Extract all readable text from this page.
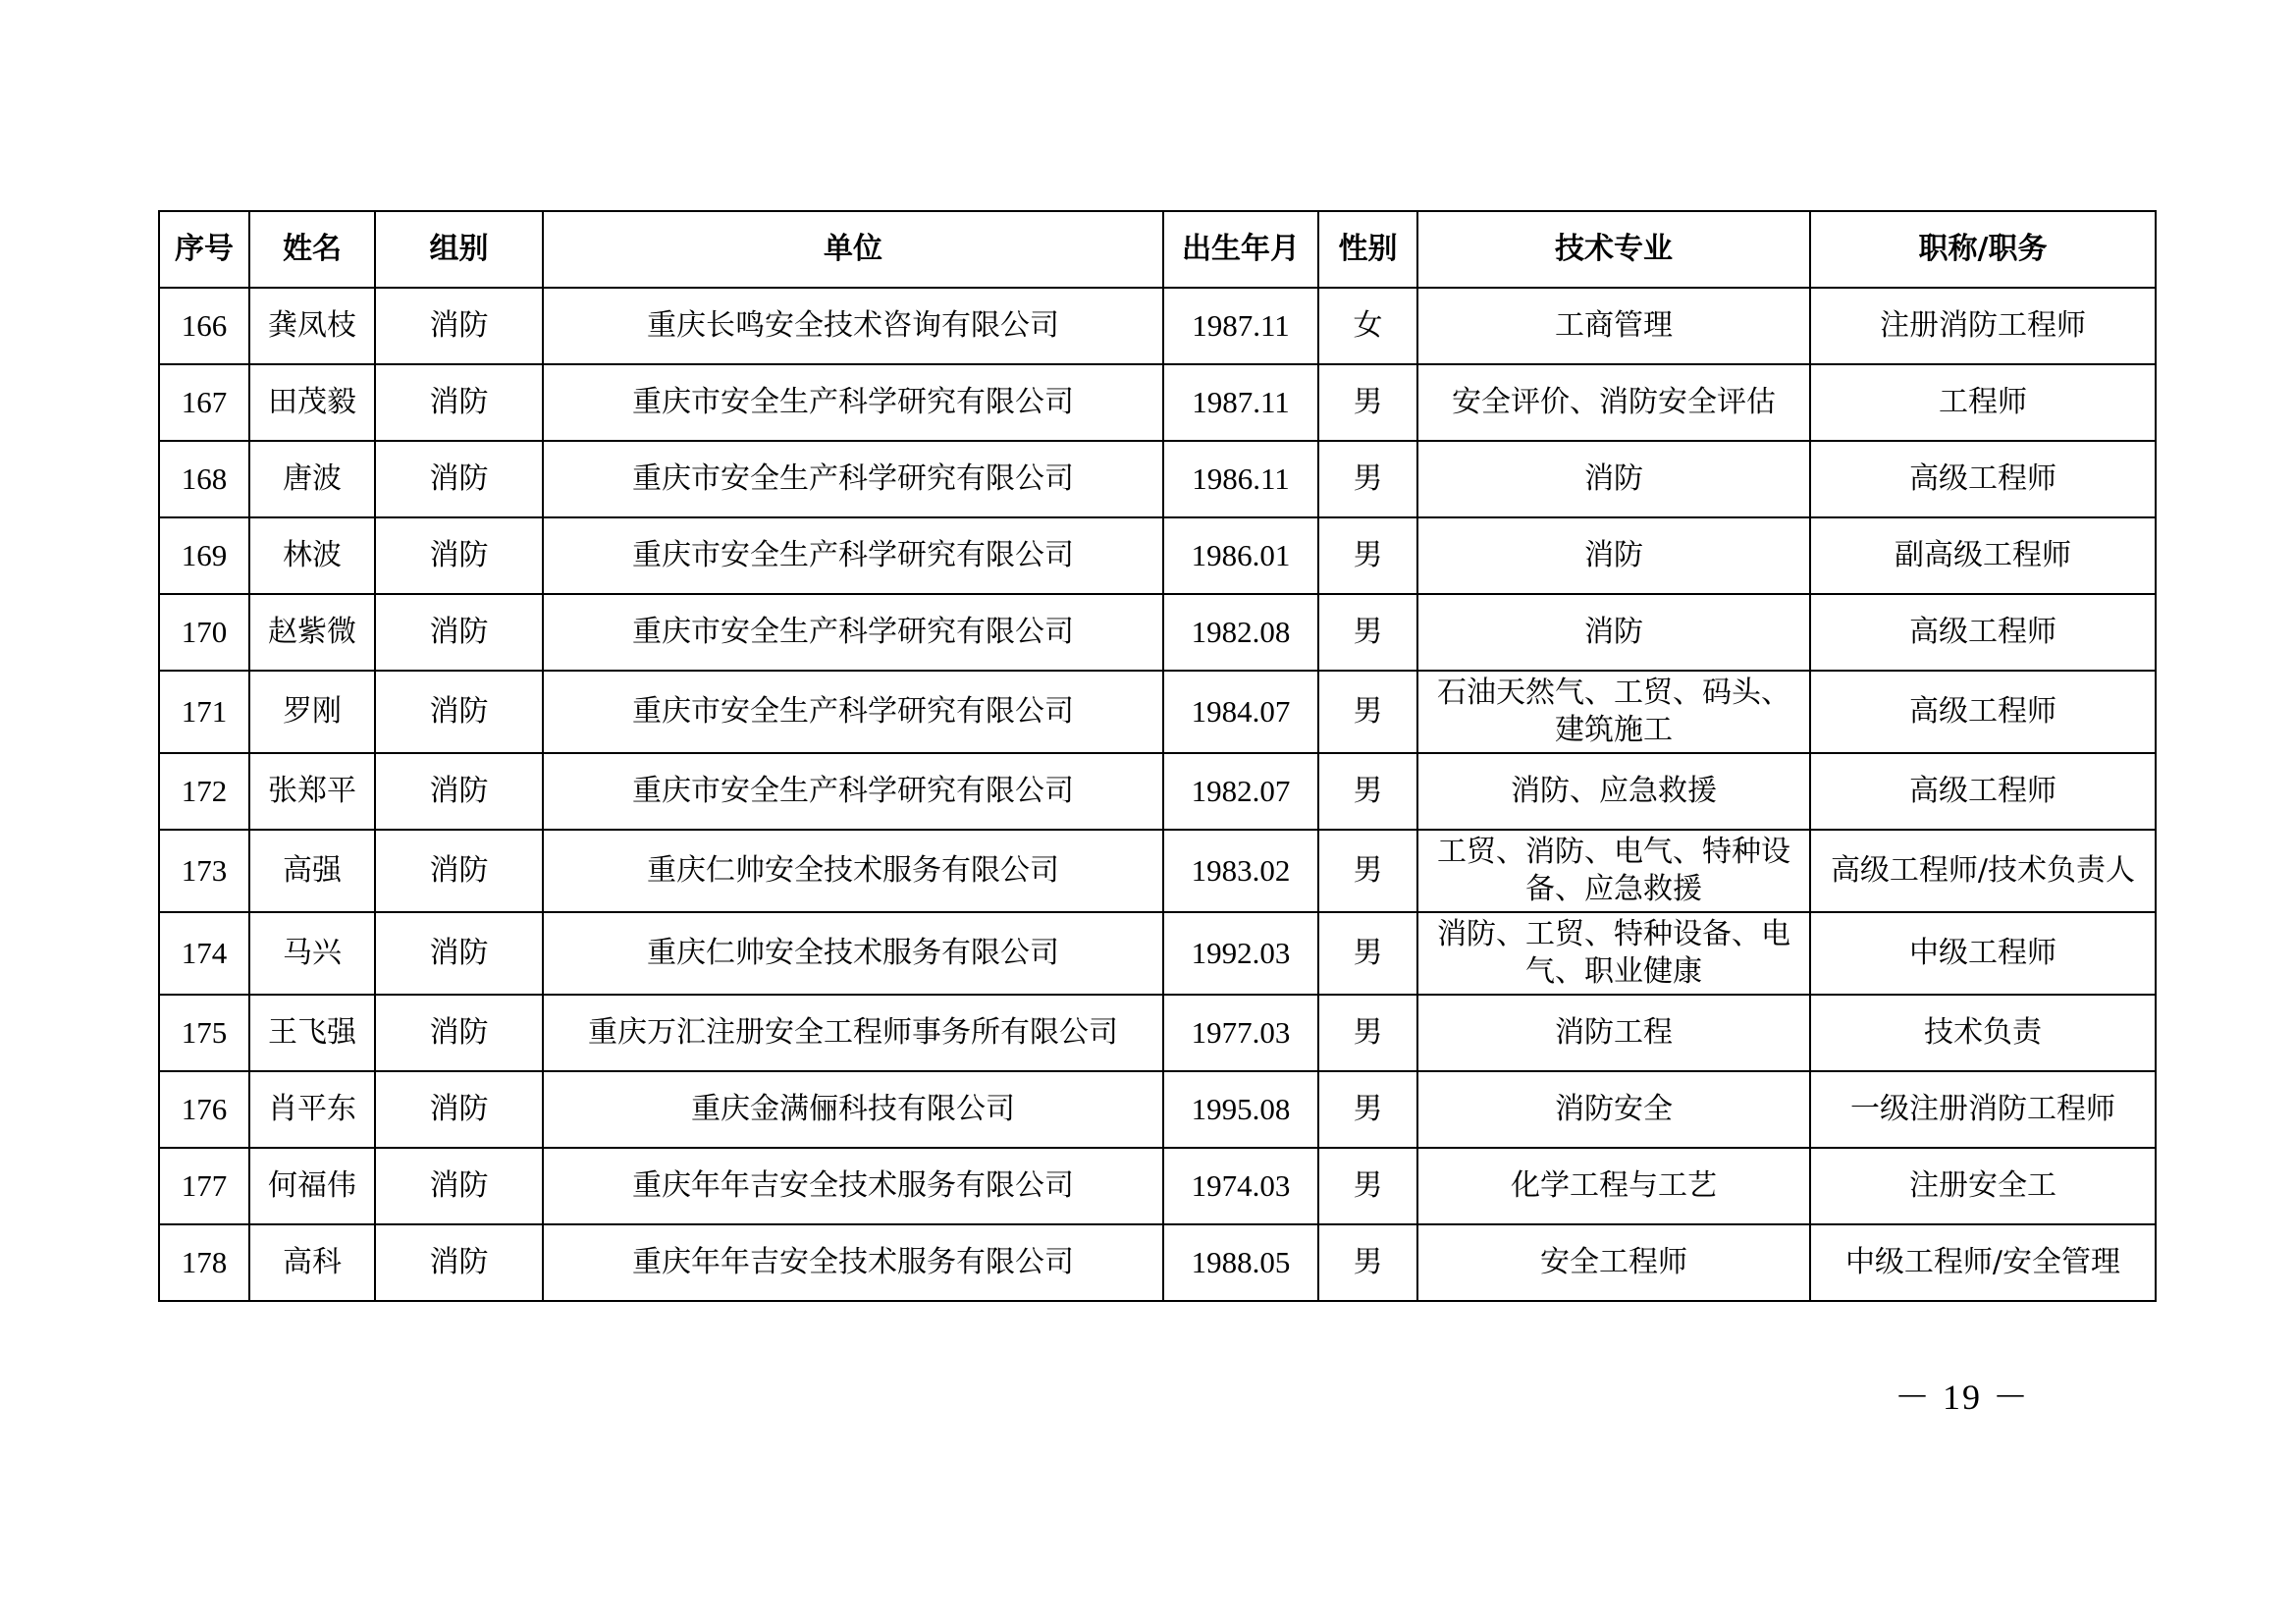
序号	姓名	组别	单位	出生年月	性别	技术专业	职称/职务
166	龚凤枝	消防	重庆长鸣安全技术咨询有限公司	1987.11	女	工商管理	注册消防工程师
167	田茂毅	消防	重庆市安全生产科学研究有限公司	1987.11	男	安全评价、消防安全评估	工程师
168	唐波	消防	重庆市安全生产科学研究有限公司	1986.11	男	消防	高级工程师
169	林波	消防	重庆市安全生产科学研究有限公司	1986.01	男	消防	副高级工程师
170	赵紫微	消防	重庆市安全生产科学研究有限公司	1982.08	男	消防	高级工程师
171	罗刚	消防	重庆市安全生产科学研究有限公司	1984.07	男	石油天然气、工贸、码头、建筑施工	高级工程师
172	张郑平	消防	重庆市安全生产科学研究有限公司	1982.07	男	消防、应急救援	高级工程师
173	高强	消防	重庆仁帅安全技术服务有限公司	1983.02	男	工贸、消防、电气、特种设备、应急救援	高级工程师/技术负责人
174	马兴	消防	重庆仁帅安全技术服务有限公司	1992.03	男	消防、工贸、特种设备、电气、职业健康	中级工程师
175	王飞强	消防	重庆万汇注册安全工程师事务所有限公司	1977.03	男	消防工程	技术负责
176	肖平东	消防	重庆金满俪科技有限公司	1995.08	男	消防安全	一级注册消防工程师
177	何福伟	消防	重庆年年吉安全技术服务有限公司	1974.03	男	化学工程与工艺	注册安全工
178	高科	消防	重庆年年吉安全技术服务有限公司	1988.05	男	安全工程师	中级工程师/安全管理
－ 19 －
